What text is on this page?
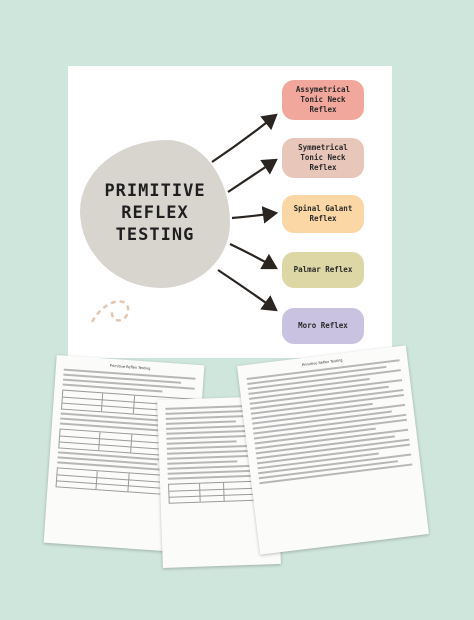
PRIMITIVE
REFLEX
TESTING
Assymetrical
Tonic Neck
Reflex
Symmetrical
Tonic Neck
Reflex
Spinal Galant
Reflex
Palmar Reflex
Moro Reflex
Primitive Reflex Testing
Primitive Reflex Testing
